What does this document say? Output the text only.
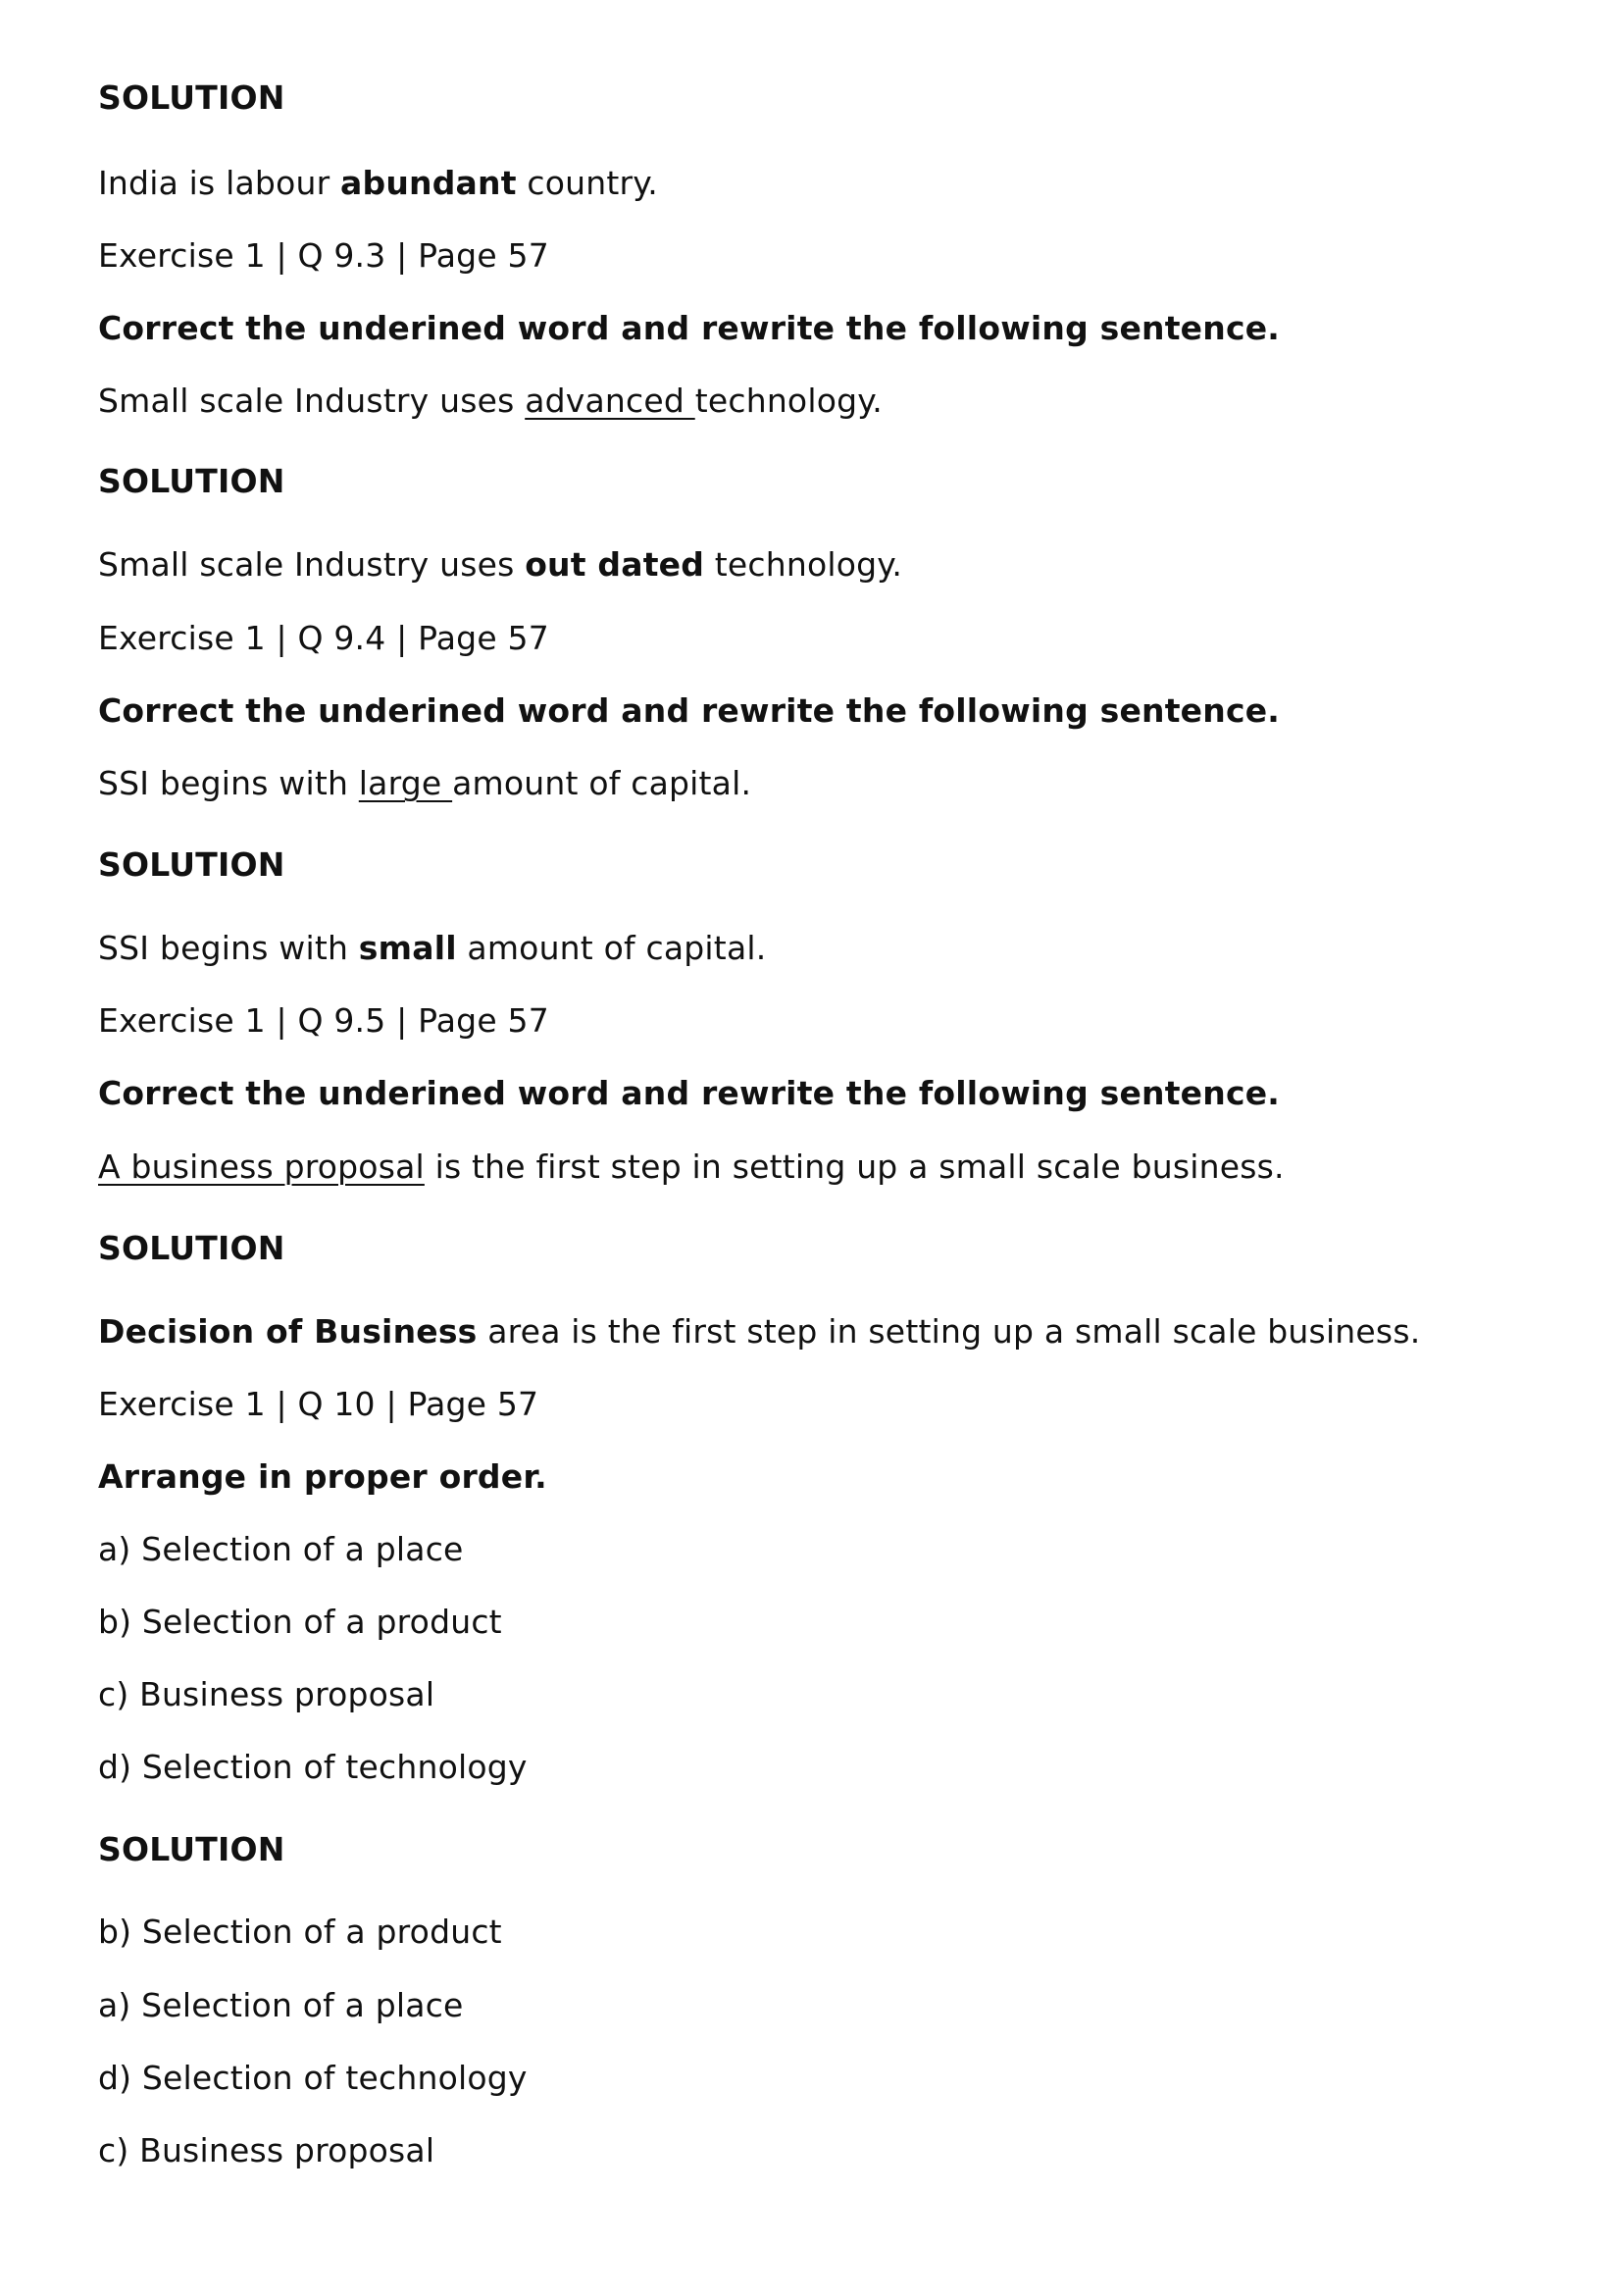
SOLUTION
India is labour abundant country.
Exercise 1 | Q 9.3 | Page 57
Correct the underined word and rewrite the following sentence.
Small scale Industry uses advanced technology.
SOLUTION
Small scale Industry uses out dated technology.
Exercise 1 | Q 9.4 | Page 57
Correct the underined word and rewrite the following sentence.
SSI begins with large amount of capital.
SOLUTION
SSI begins with small amount of capital.
Exercise 1 | Q 9.5 | Page 57
Correct the underined word and rewrite the following sentence.
A business proposal is the first step in setting up a small scale business.
SOLUTION
Decision of Business area is the first step in setting up a small scale business.
Exercise 1 | Q 10 | Page 57
Arrange in proper order.
a) Selection of a place
b) Selection of a product
c) Business proposal
d) Selection of technology
SOLUTION
b) Selection of a product
a) Selection of a place
d) Selection of technology
c) Business proposal
